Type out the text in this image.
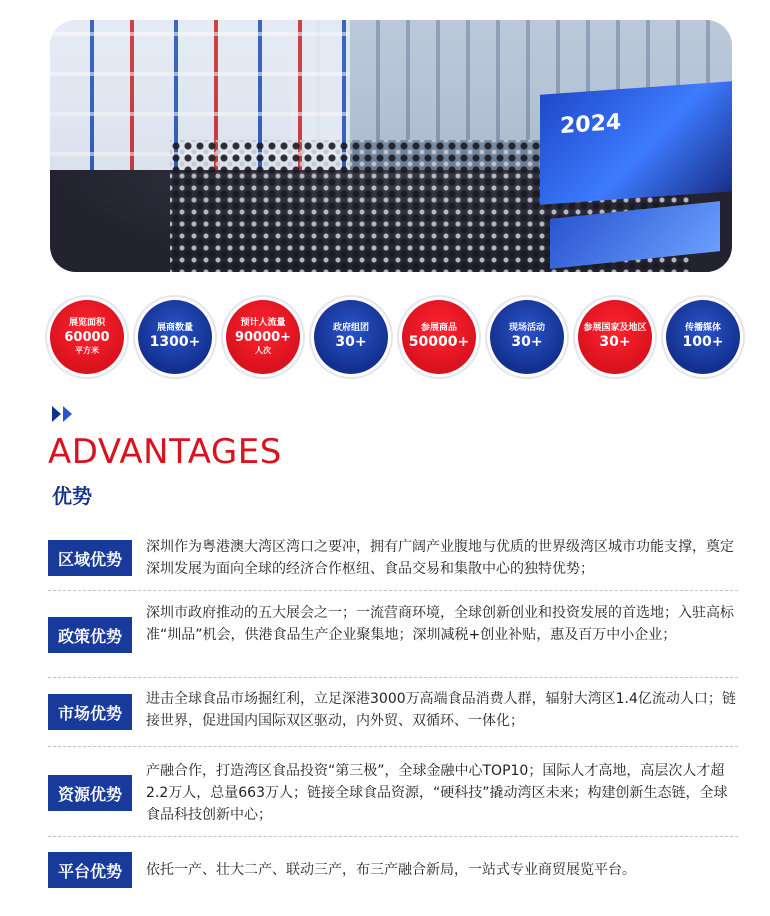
2024
展览面积
60000
平方米
展商数量
1300+
预计人流量
90000+
人次
政府组团
30+
参展商品
50000+
现场活动
30+
参展国家及地区
30+
传播媒体
100+
ADVANTAGES
优势
区域优势
深圳作为粤港澳大湾区湾口之要冲，拥有广阔产业腹地与优质的世界级湾区城市功能支撑，奠定深圳发展为面向全球的经济合作枢纽、食品交易和集散中心的独特优势；
政策优势
深圳市政府推动的五大展会之一；一流营商环境，全球创新创业和投资发展的首选地；入驻高标准“圳品”机会，供港食品生产企业聚集地；深圳减税+创业补贴，惠及百万中小企业；
市场优势
进击全球食品市场掘红利，立足深港3000万高端食品消费人群，辐射大湾区1.4亿流动人口；链接世界，促进国内国际双区驱动，内外贸、双循环、一体化；
资源优势
产融合作，打造湾区食品投资“第三极”，全球金融中心TOP10；国际人才高地，高层次人才超2.2万人，总量663万人；链接全球食品资源，“硬科技”撬动湾区未来；构建创新生态链，全球食品科技创新中心；
平台优势	依托一产、壮大二产、联动三产，布三产融合新局，一站式专业商贸展览平台。
